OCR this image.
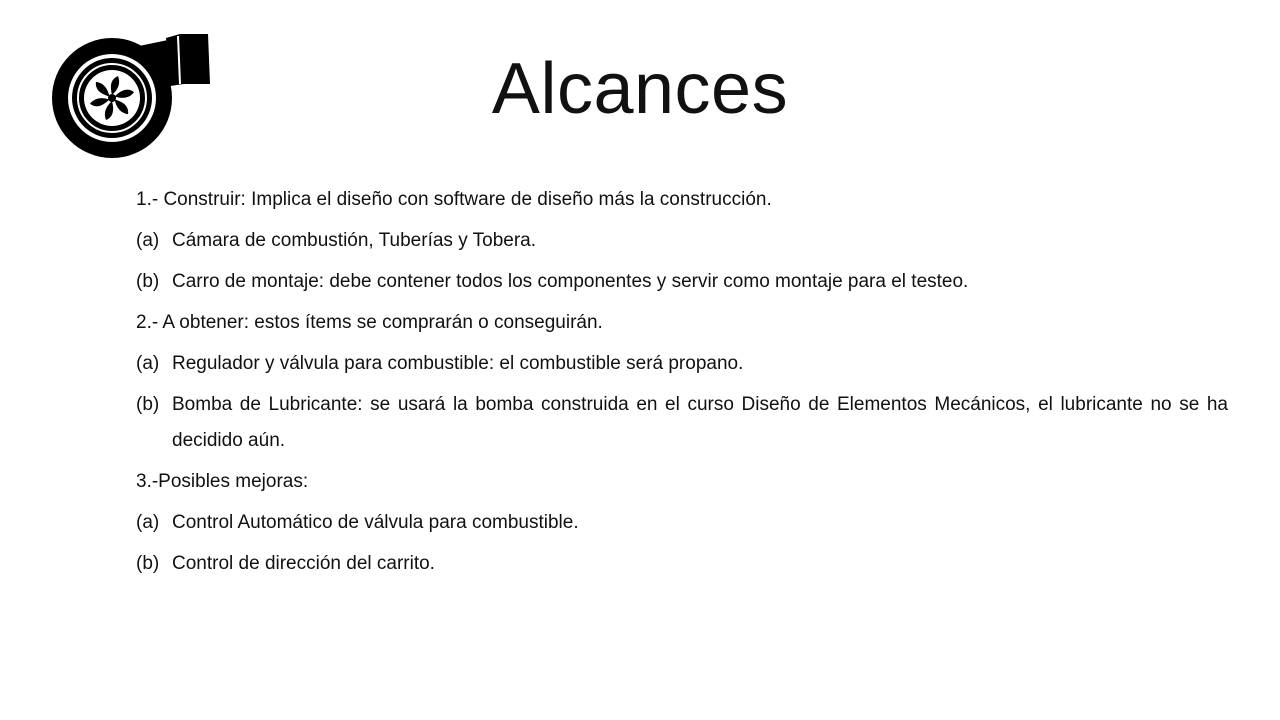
Alcances
1.- Construir: Implica el diseño con software de diseño más la construcción.
(a) Cámara de combustión, Tuberías y Tobera.
(b) Carro de montaje: debe contener todos los componentes y servir como montaje para el testeo.
2.- A obtener: estos ítems se comprarán o conseguirán.
(a) Regulador y válvula para combustible: el combustible será propano.
(b) Bomba de Lubricante: se usará la bomba construida en el curso Diseño de Elementos Mecánicos, el lubricante no se ha decidido aún.
3.-Posibles mejoras:
(a) Control Automático de válvula para combustible.
(b) Control de dirección del carrito.
